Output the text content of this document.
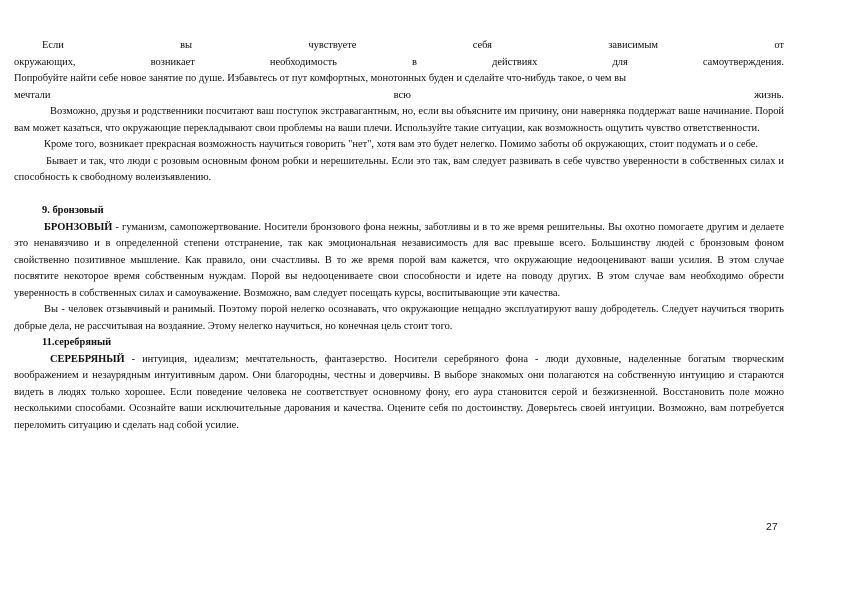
Если	вы	чувствуете	себя	зависимым	от
окружающих,	возникает	необходимость	в	действиях	для	самоутверждения.
Попробуйте найти себе новое занятие по душе. Избавьтесь от пут комфортных, монотонных буден и сделайте что-нибудь такое, о чем вы
мечтали	всю	жизнь.
Возможно, друзья и родственники посчитают ваш поступок экстравагантным, но, если вы объясните им причину, они наверняка поддержат ваше начинание. Порой вам может казаться, что окружающие перекладывают свои проблемы на ваши плечи. Используйте такие ситуации, как возможность ощутить чувство ответственности.
Кроме того, возникает прекрасная возможность научиться говорить "нет", хотя вам это будет нелегко. Помимо заботы об окружающих, стоит подумать и о себе.
Бывает и так, что люди с розовым основным фоном робки и нерешительны. Если это так, вам следует развивать в себе чувство уверенности в собственных силах и способность к свободному волеизъявлению.
9. бронзовый
БРОНЗОВЫЙ - гуманизм, самопожертвование. Носители бронзового фона нежны, заботливы и в то же время решительны. Вы охотно помогаете другим и делаете это ненавязчиво и в определенной степени отстранение, так как эмоциональная независимость для вас превыше всего. Большинству людей с бронзовым фоном свойственно позитивное мышление. Как правило, они счастливы. В то же время порой вам кажется, что окружающие недооценивают ваши усилия. В этом случае посвятите некоторое время собственным нуждам. Порой вы недооцениваете свои способности и идете на поводу других. В этом случае вам необходимо обрести уверенность в собственных силах и самоуважение. Возможно, вам следует посещать курсы, воспитывающие эти качества.
Вы - человек отзывчивый и ранимый. Поэтому порой нелегко осознавать, что окружающие нещадно эксплуатируют вашу добродетель. Следует научиться творить добрые дела, не рассчитывая на воздаяние. Этому нелегко научиться, но конечная цель стоит того.
11.серебряный
СЕРЕБРЯНЫЙ - интуиция, идеализм; мечтательность, фантазерство. Носители серебряного фона - люди духовные, наделенные богатым творческим воображением и незаурядным интуитивным даром. Они благородны, честны и доверчивы. В выборе знакомых они полагаются на собственную интуицию и стараются видеть в людях только хорошее. Если поведение человека не соответствует основному фону, его аура становится серой и безжизненной. Восстановить поле можно несколькими способами. Осознайте ваши исключительные дарования и качества. Оцените себя по достоинству. Доверьтесь своей интуиции. Возможно, вам потребуется переломить ситуацию и сделать над собой усилие.
27
